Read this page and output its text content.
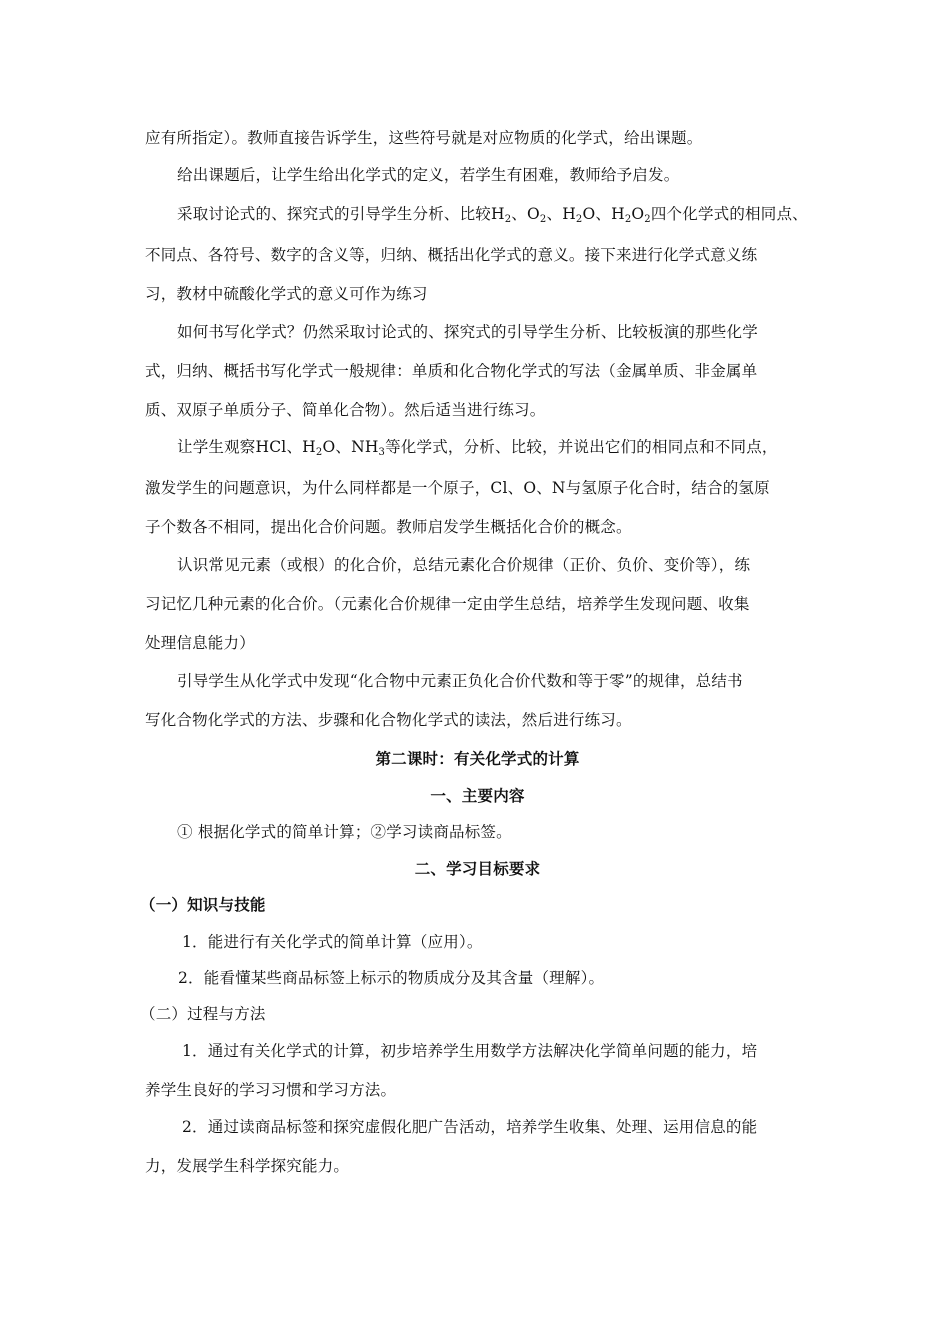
应有所指定）。教师直接告诉学生，这些符号就是对应物质的化学式，给出课题。
给出课题后，让学生给出化学式的定义，若学生有困难，教师给予启发。
采取讨论式的、探究式的引导学生分析、比较$H_2$、$O_2$、$H_2O$、$H_2O_2$四个化学式的相同点、
不同点、各符号、数字的含义等，归纳、概括出化学式的意义。接下来进行化学式意义练
习，教材中硫酸化学式的意义可作为练习
如何书写化学式？仍然采取讨论式的、探究式的引导学生分析、比较板演的那些化学
式，归纳、概括书写化学式一般规律：单质和化合物化学式的写法（金属单质、非金属单
质、双原子单质分子、简单化合物）。然后适当进行练习。
让学生观察HCl、$H_2O$、$NH_3$等化学式，分析、比较，并说出它们的相同点和不同点，
激发学生的问题意识，为什么同样都是一个原子，Cl、O、N与氢原子化合时，结合的氢原
子个数各不相同，提出化合价问题。教师启发学生概括化合价的概念。
认识常见元素（或根）的化合价，总结元素化合价规律（正价、负价、变价等），练
习记忆几种元素的化合价。（元素化合价规律一定由学生总结，培养学生发现问题、收集
处理信息能力）
引导学生从化学式中发现“化合物中元素正负化合价代数和等于零”的规律，总结书
写化合物化学式的方法、步骤和化合物化学式的读法，然后进行练习。
第二课时：有关化学式的计算
一、主要内容
① 根据化学式的简单计算；②学习读商品标签。
二、学习目标要求
（一）知识与技能
1．能进行有关化学式的简单计算（应用）。
2．能看懂某些商品标签上标示的物质成分及其含量（理解）。
（二）过程与方法
1．通过有关化学式的计算，初步培养学生用数学方法解决化学简单问题的能力，培
养学生良好的学习习惯和学习方法。
2．通过读商品标签和探究虚假化肥广告活动，培养学生收集、处理、运用信息的能
力，发展学生科学探究能力。
